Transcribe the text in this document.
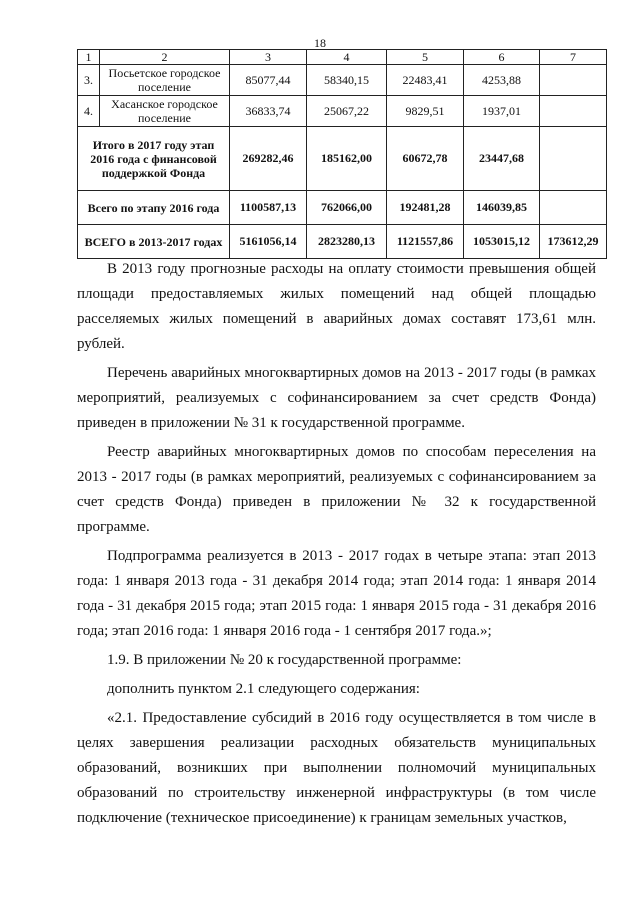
18
1	2	3	4	5	6	7
3.	Посьетское городское поселение	85077,44	58340,15	22483,41	4253,88	
4.	Хасанское городское поселение	36833,74	25067,22	9829,51	1937,01	
Итого в 2017 году этап 2016 года с финансовой поддержкой Фонда		269282,46	185162,00	60672,78	23447,68	
Всего по этапу 2016 года		1100587,13	762066,00	192481,28	146039,85	
ВСЕГО в 2013-2017 годах		5161056,14	2823280,13	1121557,86	1053015,12	173612,29

В 2013 году прогнозные расходы на оплату стоимости превышения общей площади предоставляемых жилых помещений над общей площадью расселяемых жилых помещений в аварийных домах составят 173,61 млн. рублей.

Перечень аварийных многоквартирных домов на 2013 - 2017 годы (в рамках мероприятий, реализуемых с софинансированием за счет средств Фонда) приведен в приложении № 31 к государственной программе.

Реестр аварийных многоквартирных домов по способам переселения на 2013 - 2017 годы (в рамках мероприятий, реализуемых с софинансированием за счет средств Фонда) приведен в приложении № 32 к государственной программе.

Подпрограмма реализуется в 2013 - 2017 годах в четыре этапа: этап 2013 года: 1 января 2013 года - 31 декабря 2014 года; этап 2014 года: 1 января 2014 года - 31 декабря 2015 года; этап 2015 года: 1 января 2015 года - 31 декабря 2016 года; этап 2016 года: 1 января 2016 года - 1 сентября 2017 года.»;

1.9. В приложении № 20 к государственной программе:

дополнить пунктом 2.1 следующего содержания:

«2.1. Предоставление субсидий в 2016 году осуществляется в том числе в целях завершения реализации расходных обязательств муниципальных образований, возникших при выполнении полномочий муниципальных образований по строительству инженерной инфраструктуры (в том числе подключение (техническое присоединение) к границам земельных участков,
